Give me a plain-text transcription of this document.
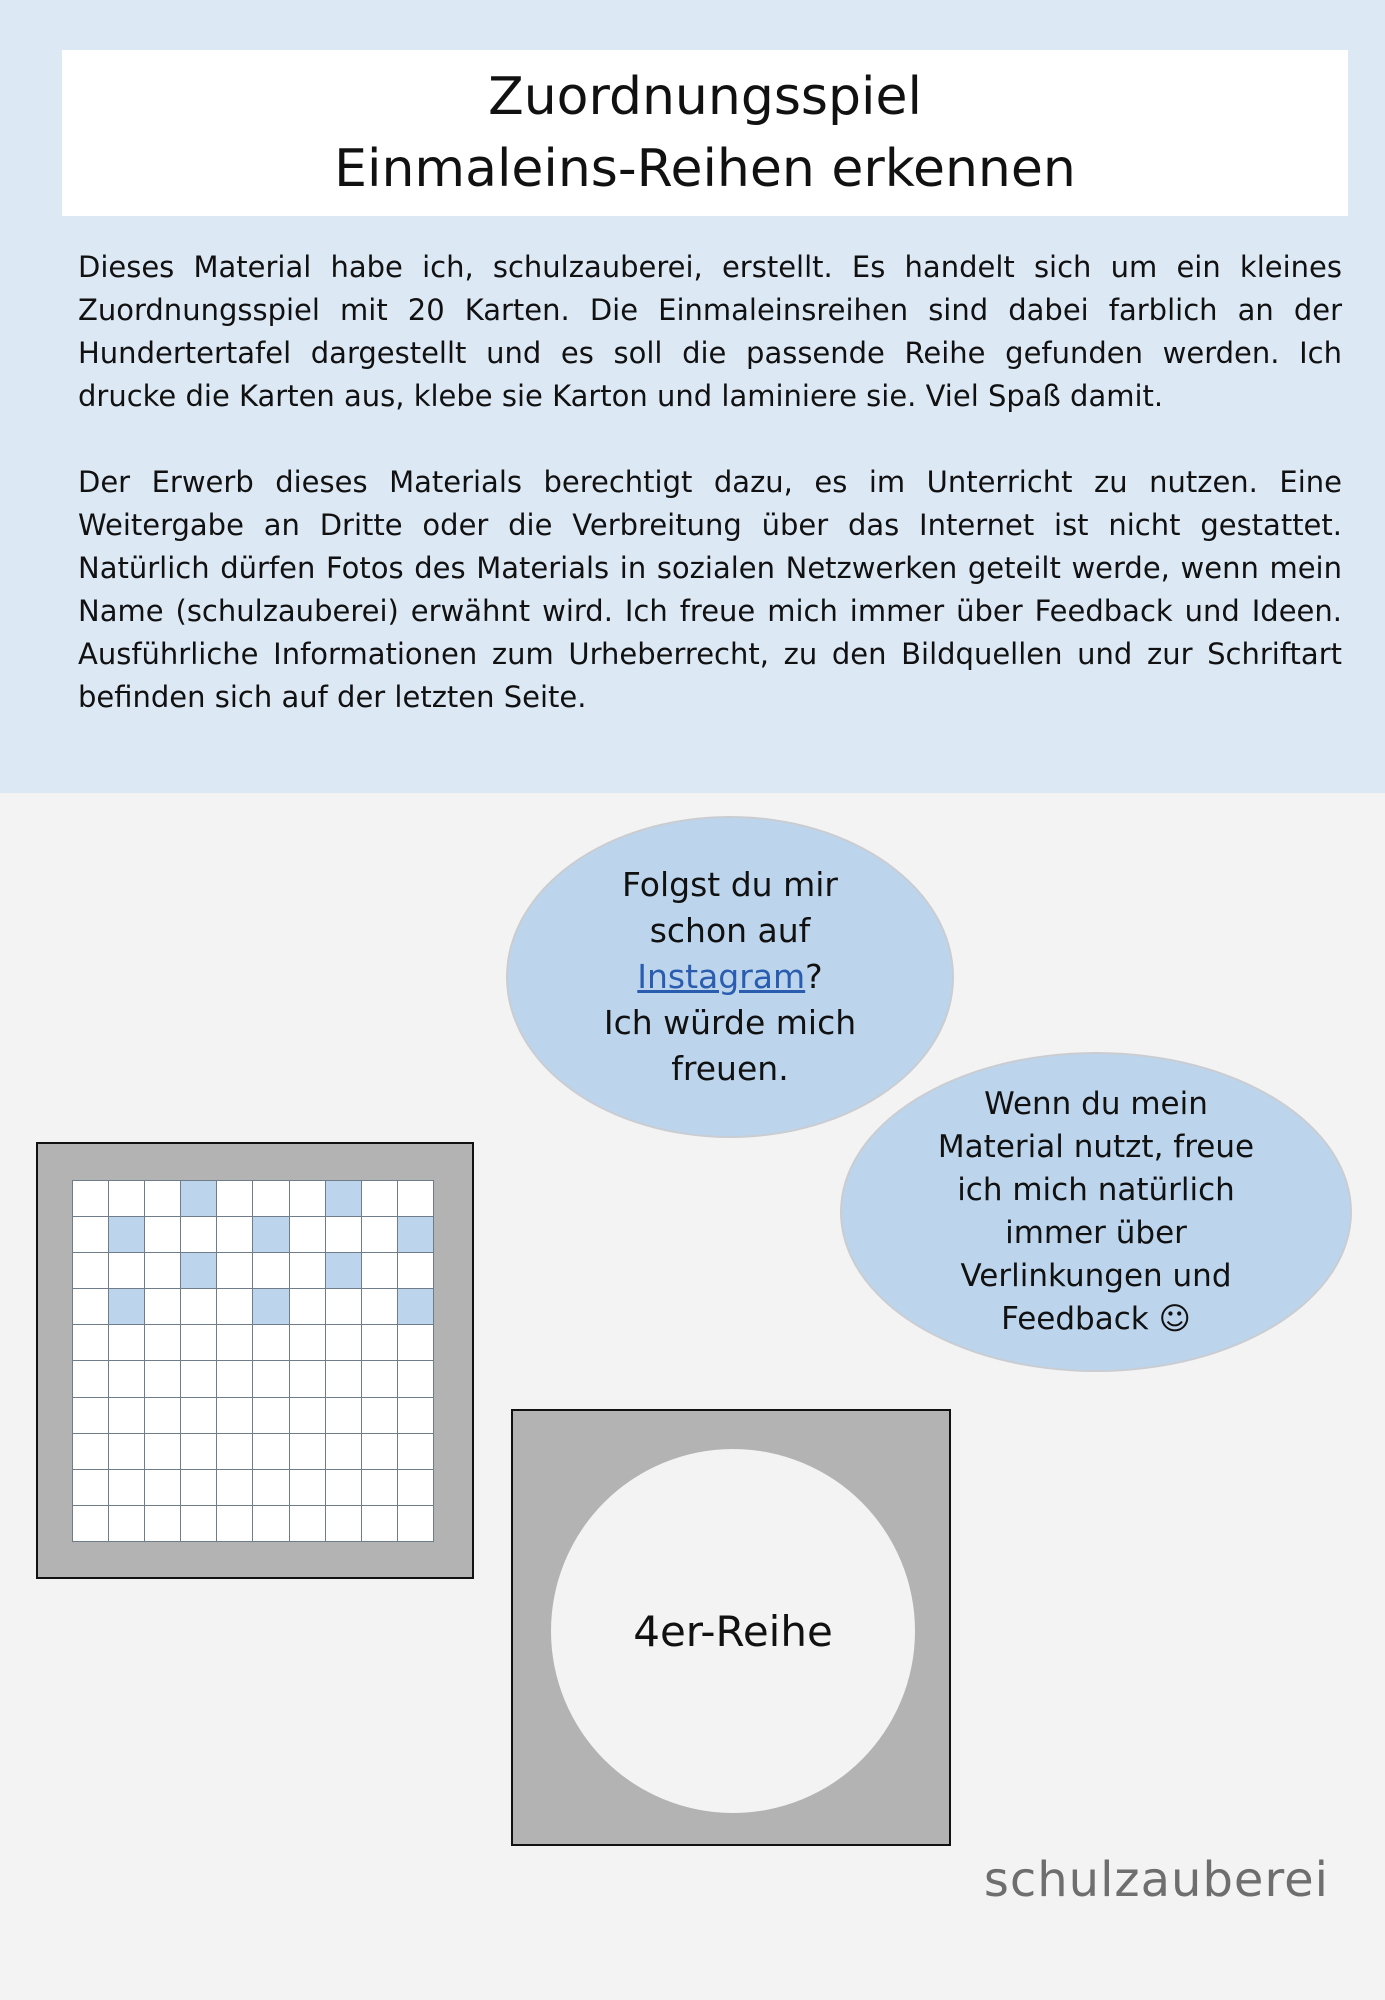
Zuordnungsspiel
Einmaleins-Reihen erkennen

Dieses Material habe ich, schulzauberei, erstellt. Es handelt sich um ein kleines Zuordnungsspiel mit 20 Karten. Die Einmaleinsreihen sind dabei farblich an der Hundertertafel dargestellt und es soll die passende Reihe gefunden werden. Ich drucke die Karten aus, klebe sie Karton und laminiere sie. Viel Spaß damit.

Der Erwerb dieses Materials berechtigt dazu, es im Unterricht zu nutzen. Eine Weitergabe an Dritte oder die Verbreitung über das Internet ist nicht gestattet. Natürlich dürfen Fotos des Materials in sozialen Netzwerken geteilt werde, wenn mein Name (schulzauberei) erwähnt wird. Ich freue mich immer über Feedback und Ideen. Ausführliche Informationen zum Urheberrecht, zu den Bildquellen und zur Schriftart befinden sich auf der letzten Seite.

Folgst du mir
schon auf
Instagram?
Ich würde mich
freuen.
Wenn du mein
Material nutzt, freue
ich mich natürlich
immer über
Verlinkungen und
Feedback ☺
4er-Reihe
schulzauberei
